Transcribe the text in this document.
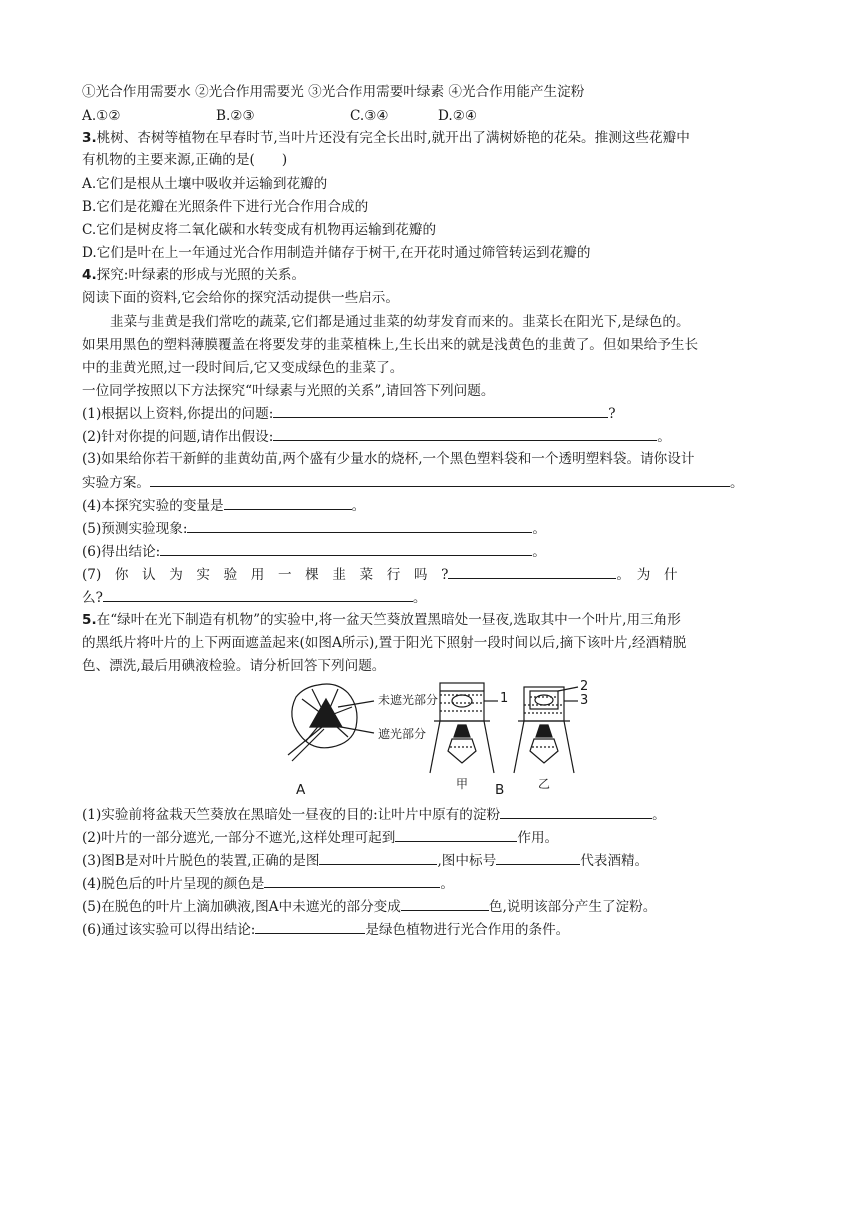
①光合作用需要水 ②光合作用需要光 ③光合作用需要叶绿素 ④光合作用能产生淀粉
A.①②	B.②③	C.③④	D.②④
3.桃树、杏树等植物在早春时节,当叶片还没有完全长出时,就开出了满树娇艳的花朵。推测这些花瓣中
有机物的主要来源,正确的是(　　)
A.它们是根从土壤中吸收并运输到花瓣的
B.它们是花瓣在光照条件下进行光合作用合成的
C.它们是树皮将二氧化碳和水转变成有机物再运输到花瓣的
D.它们是叶在上一年通过光合作用制造并储存于树干,在开花时通过筛管转运到花瓣的
4.探究:叶绿素的形成与光照的关系。
阅读下面的资料,它会给你的探究活动提供一些启示。
韭菜与韭黄是我们常吃的蔬菜,它们都是通过韭菜的幼芽发育而来的。韭菜长在阳光下,是绿色的。
如果用黑色的塑料薄膜覆盖在将要发芽的韭菜植株上,生长出来的就是浅黄色的韭黄了。但如果给予生长
中的韭黄光照,过一段时间后,它又变成绿色的韭菜了。
一位同学按照以下方法探究“叶绿素与光照的关系”,请回答下列问题。
(1)根据以上资料,你提出的问题:	?
(2)针对你提的问题,请作出假设:	。
(3)如果给你若干新鲜的韭黄幼苗,两个盛有少量水的烧杯,一个黑色塑料袋和一个透明塑料袋。请你设计
实验方案。	。
(4)本探究实验的变量是	。
(5)预测实验现象:	。
(6)得出结论:	。
(7)　你　认　为　实　验　用　一　棵　韭　菜　行　吗　?	。　为　什
么?	。
5.在“绿叶在光下制造有机物”的实验中,将一盆天竺葵放置黑暗处一昼夜,选取其中一个叶片,用三角形
的黑纸片将叶片的上下两面遮盖起来(如图A所示),置于阳光下照射一段时间以后,摘下该叶片,经酒精脱
色、漂洗,最后用碘液检验。请分析回答下列问题。
未遮光部分
遮光部分
1
2
3
甲	乙
A	B
(1)实验前将盆栽天竺葵放在黑暗处一昼夜的目的:让叶片中原有的淀粉	。
(2)叶片的一部分遮光,一部分不遮光,这样处理可起到	作用。
(3)图B是对叶片脱色的装置,正确的是图	,图中标号	代表酒精。
(4)脱色后的叶片呈现的颜色是	。
(5)在脱色的叶片上滴加碘液,图A中未遮光的部分变成	色,说明该部分产生了淀粉。
(6)通过该实验可以得出结论:	是绿色植物进行光合作用的条件。
